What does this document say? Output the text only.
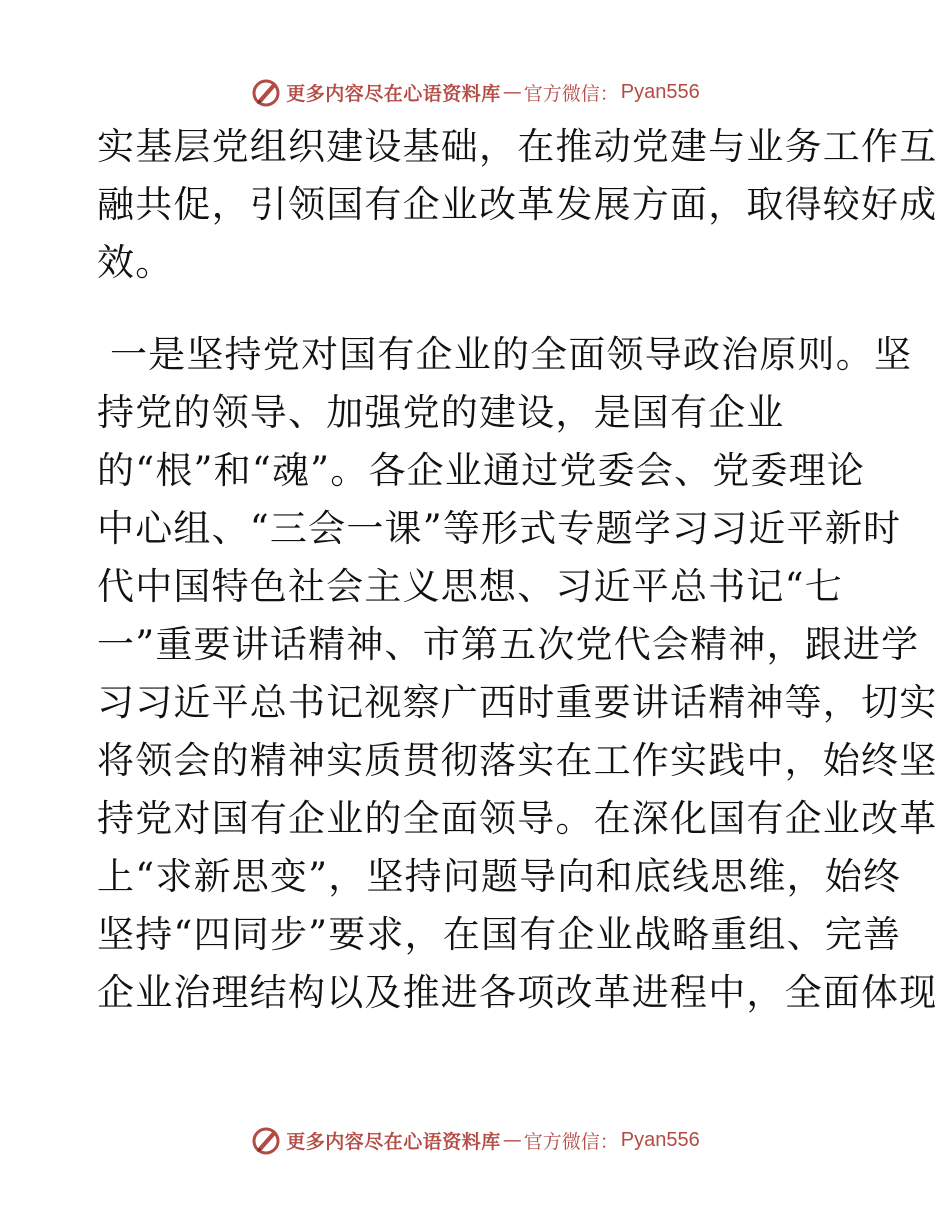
更多内容尽在心语资料库 — 官方微信： Pyan556
实基层党组织建设基础，在推动党建与业务工作互
融共促，引领国有企业改革发展方面，取得较好成
效。
一是坚持党对国有企业的全面领导政治原则。坚
持党的领导、加强党的建设，是国有企业
的“根”和“魂”。各企业通过党委会、党委理论
中心组、“三会一课”等形式专题学习习近平新时
代中国特色社会主义思想、习近平总书记“七
一”重要讲话精神、市第五次党代会精神，跟进学
习习近平总书记视察广西时重要讲话精神等，切实
将领会的精神实质贯彻落实在工作实践中，始终坚
持党对国有企业的全面领导。在深化国有企业改革
上“求新思变”，坚持问题导向和底线思维，始终
坚持“四同步”要求，在国有企业战略重组、完善
企业治理结构以及推进各项改革进程中，全面体现
更多内容尽在心语资料库 — 官方微信： Pyan556
